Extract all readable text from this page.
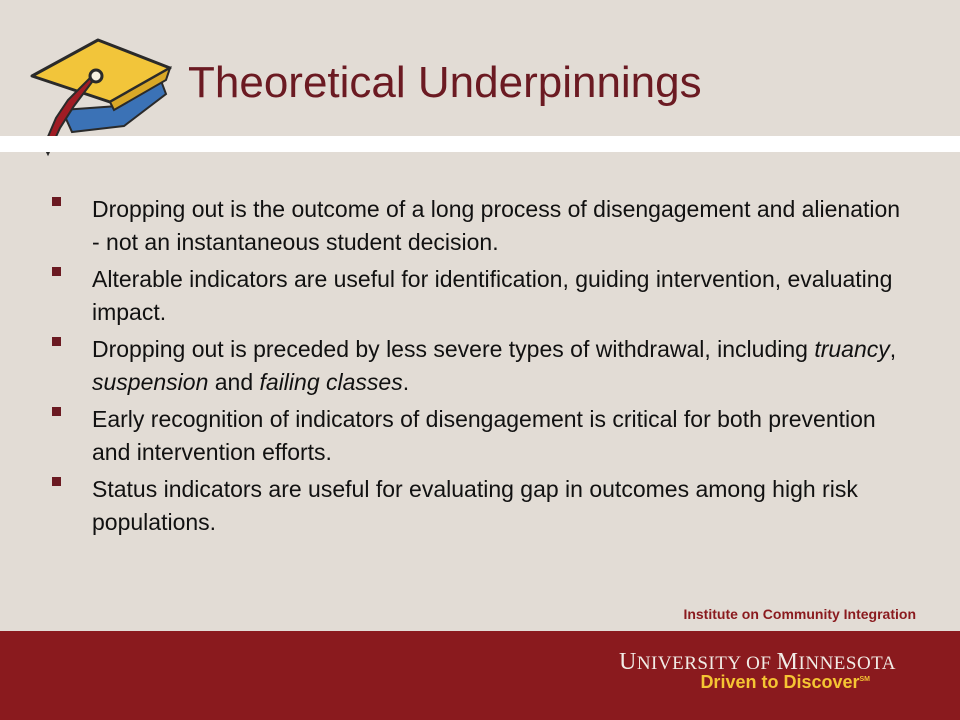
Theoretical Underpinnings
Dropping out is the outcome of a long process of disengagement and alienation - not an instantaneous student decision.
Alterable indicators are useful for identification, guiding intervention, evaluating impact.
Dropping out is preceded by less severe types of withdrawal, including truancy, suspension and failing classes.
Early recognition of indicators of disengagement is critical for both prevention and intervention efforts.
Status indicators are useful for evaluating gap in outcomes among high risk populations.
Institute on Community Integration
UNIVERSITY OF MINNESOTA
Driven to Discover℠
